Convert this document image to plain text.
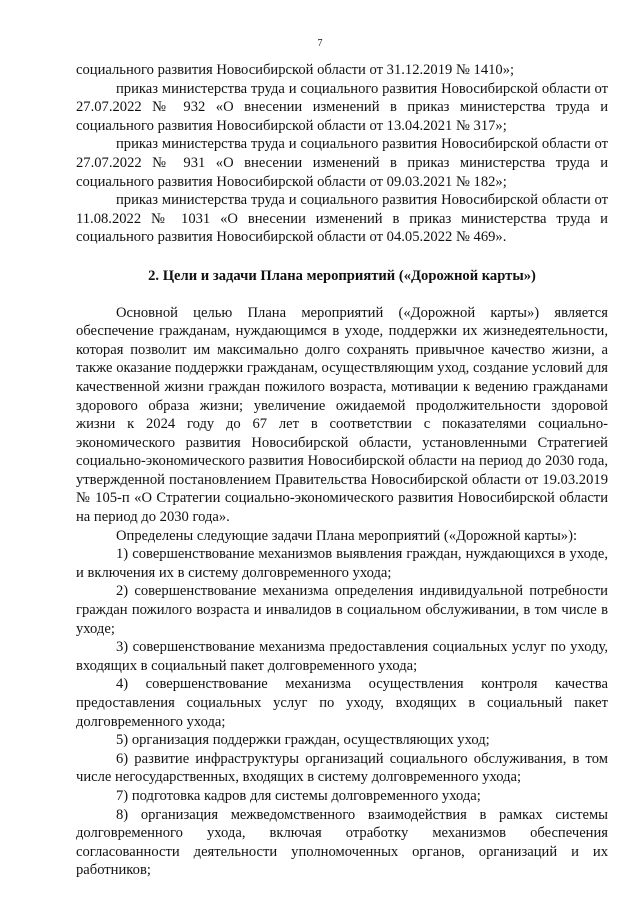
7

социального развития Новосибирской области от 31.12.2019 № 1410»;

приказ министерства труда и социального развития Новосибирской области от 27.07.2022 № 932 «О внесении изменений в приказ министерства труда и социального развития Новосибирской области от 13.04.2021 № 317»;

приказ министерства труда и социального развития Новосибирской области от 27.07.2022 № 931 «О внесении изменений в приказ министерства труда и социального развития Новосибирской области от 09.03.2021 № 182»;

приказ министерства труда и социального развития Новосибирской области от 11.08.2022 № 1031 «О внесении изменений в приказ министерства труда и социального развития Новосибирской области от 04.05.2022 № 469».

2. Цели и задачи Плана мероприятий («Дорожной карты»)

Основной целью Плана мероприятий («Дорожной карты») является обеспечение гражданам, нуждающимся в уходе, поддержки их жизнедеятельности, которая позволит им максимально долго сохранять привычное качество жизни, а также оказание поддержки гражданам, осуществляющим уход, создание условий для качественной жизни граждан пожилого возраста, мотивации к ведению гражданами здорового образа жизни; увеличение ожидаемой продолжительности здоровой жизни к 2024 году до 67 лет в соответствии с показателями социально-экономического развития Новосибирской области, установленными Стратегией социально-экономического развития Новосибирской области на период до 2030 года, утвержденной постановлением Правительства Новосибирской области от 19.03.2019 № 105-п «О Стратегии социально-экономического развития Новосибирской области на период до 2030 года».

Определены следующие задачи Плана мероприятий («Дорожной карты»):

1) совершенствование механизмов выявления граждан, нуждающихся в уходе, и включения их в систему долговременного ухода;

2) совершенствование механизма определения индивидуальной потребности граждан пожилого возраста и инвалидов в социальном обслуживании, в том числе в уходе;

3) совершенствование механизма предоставления социальных услуг по уходу, входящих в социальный пакет долговременного ухода;

4) совершенствование механизма осуществления контроля качества предоставления социальных услуг по уходу, входящих в социальный пакет долговременного ухода;

5) организация поддержки граждан, осуществляющих уход;

6) развитие инфраструктуры организаций социального обслуживания, в том числе негосударственных, входящих в систему долговременного ухода;

7) подготовка кадров для системы долговременного ухода;

8) организация межведомственного взаимодействия в рамках системы долговременного ухода, включая отработку механизмов обеспечения согласованности деятельности уполномоченных органов, организаций и их работников;
